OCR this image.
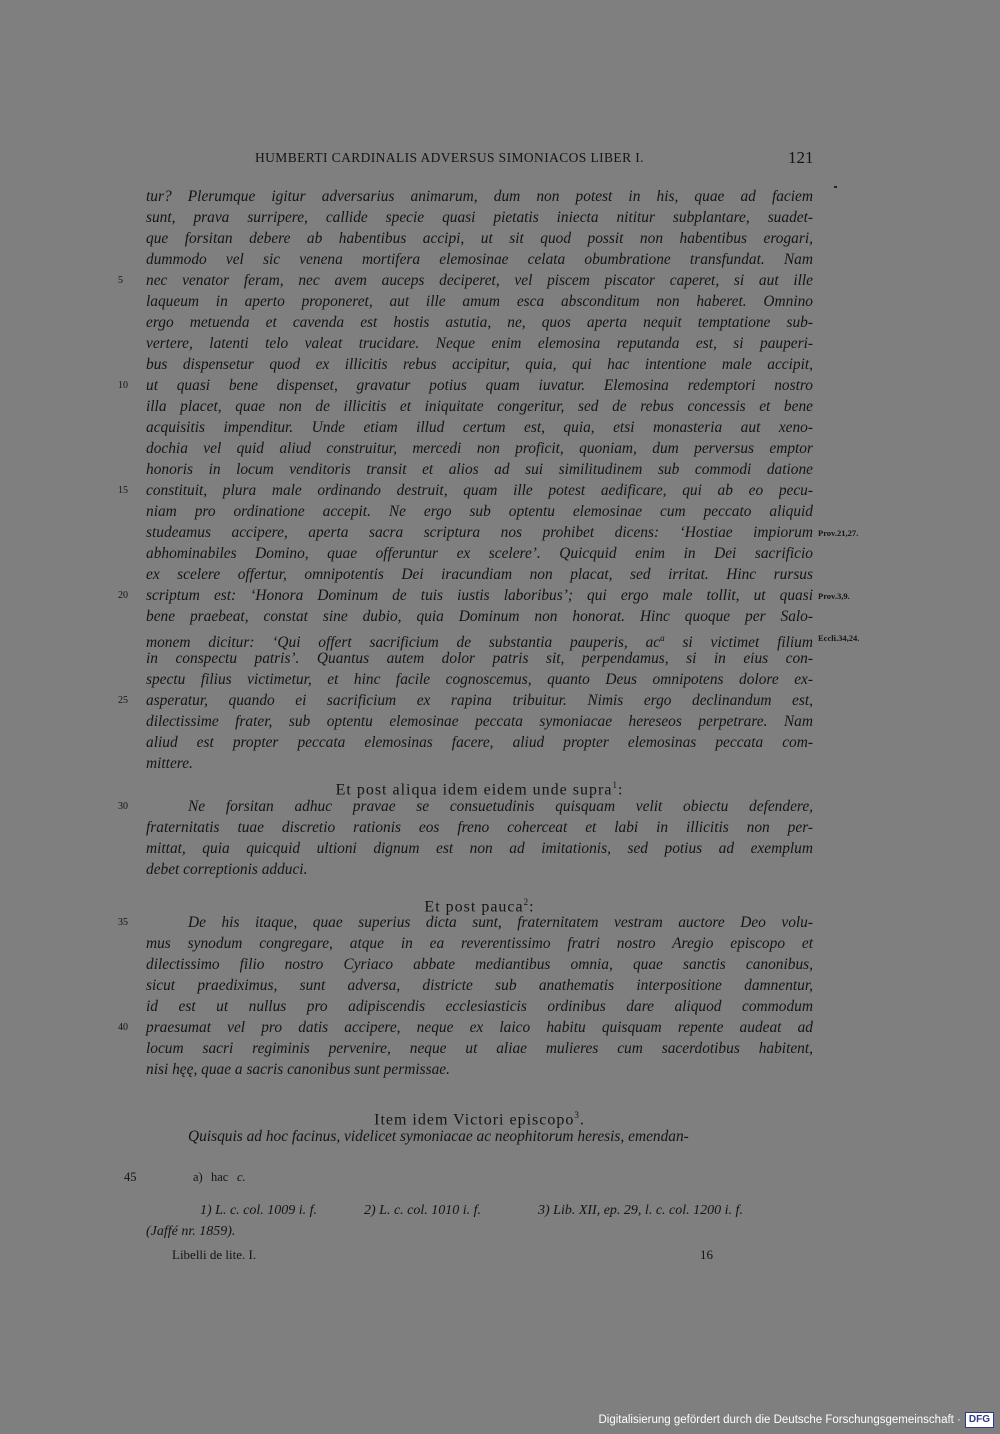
HUMBERTI CARDINALIS ADVERSUS SIMONIACOS LIBER I.	121
tur? Plerumque igitur adversarius animarum, dum non potest in his, quae ad faciem
sunt, prava surripere, callide specie quasi pietatis iniecta nititur subplantare, suadet-
que forsitan debere ab habentibus accipi, ut sit quod possit non habentibus erogari,
dummodo vel sic venena mortifera elemosinae celata obumbratione transfundat. Nam
nec venator feram, nec avem auceps deciperet, vel piscem piscator caperet, si aut ille
laqueum in aperto proponeret, aut ille amum esca absconditum non haberet. Omnino
ergo metuenda et cavenda est hostis astutia, ne, quos aperta nequit temptatione sub-
vertere, latenti telo valeat trucidare. Neque enim elemosina reputanda est, si pauperi-
bus dispensetur quod ex illicitis rebus accipitur, quia, qui hac intentione male accipit,
ut quasi bene dispenset, gravatur potius quam iuvatur. Elemosina redemptori nostro
illa placet, quae non de illicitis et iniquitate congeritur, sed de rebus concessis et bene
acquisitis impenditur. Unde etiam illud certum est, quia, etsi monasteria aut xeno-
dochia vel quid aliud construitur, mercedi non proficit, quoniam, dum perversus emptor
honoris in locum venditoris transit et alios ad sui similitudinem sub commodi datione
constituit, plura male ordinando destruit, quam ille potest aedificare, qui ab eo pecu-
niam pro ordinatione accepit. Ne ergo sub optentu elemosinae cum peccato aliquid
studeamus accipere, aperta sacra scriptura nos prohibet dicens: ‘Hostiae impiorum
abhominabiles Domino, quae offeruntur ex scelere’. Quicquid enim in Dei sacrificio
ex scelere offertur, omnipotentis Dei iracundiam non placat, sed irritat. Hinc rursus
scriptum est: ‘Honora Dominum de tuis iustis laboribus’; qui ergo male tollit, ut quasi
bene praebeat, constat sine dubio, quia Dominum non honorat. Hinc quoque per Salo-
monem dicitur: ‘Qui offert sacrificium de substantia pauperis, ac$^a$ si victimet filium
in conspectu patris’. Quantus autem dolor patris sit, perpendamus, si in eius con-
spectu filius victimetur, et hinc facile cognoscemus, quanto Deus omnipotens dolore ex-
asperatur, quando ei sacrificium ex rapina tribuitur. Nimis ergo declinandum est,
dilectissime frater, sub optentu elemosinae peccata symoniacae hereseos perpetrare. Nam
aliud est propter peccata elemosinas facere, aliud propter elemosinas peccata com-
mittere.
Ne forsitan adhuc pravae se consuetudinis quisquam velit obiectu defendere,
fraternitatis tuae discretio rationis eos freno coherceat et labi in illicitis non per-
mittat, quia quicquid ultioni dignum est non ad imitationis, sed potius ad exemplum
debet correptionis adduci.
De his itaque, quae superius dicta sunt, fraternitatem vestram auctore Deo volu-
mus synodum congregare, atque in ea reverentissimo fratri nostro Aregio episcopo et
dilectissimo filio nostro Cyriaco abbate mediantibus omnia, quae sanctis canonibus,
sicut praediximus, sunt adversa, districte sub anathematis interpositione damnentur,
id est ut nullus pro adipiscendis ecclesiasticis ordinibus dare aliquod commodum
praesumat vel pro datis accipere, neque ex laico habitu quisquam repente audeat ad
locum sacri regiminis pervenire, neque ut aliae mulieres cum sacerdotibus habitent,
nisi hęę, quae a sacris canonibus sunt permissae.
Quisquis ad hoc facinus, videlicet symoniacae ac neophitorum heresis, emendan-
5
10
15
20
25
30
35
40
Prov.21,27.
Prov.3,9.
Eccli.34,24.
Et post aliqua idem eidem unde supra$^1$:
Et post pauca$^2$:
Item idem Victori episcopo$^3$.
45	a) hac c.
1) L. c. col. 1009 i. f.	2) L. c. col. 1010 i. f.	3) Lib. XII, ep. 29, l. c. col. 1200 i. f.
(Jaffé nr. 1859).
Libelli de lite. I.	16
Digitalisierung gefördert durch die Deutsche Forschungsgemeinschaft · DFG
